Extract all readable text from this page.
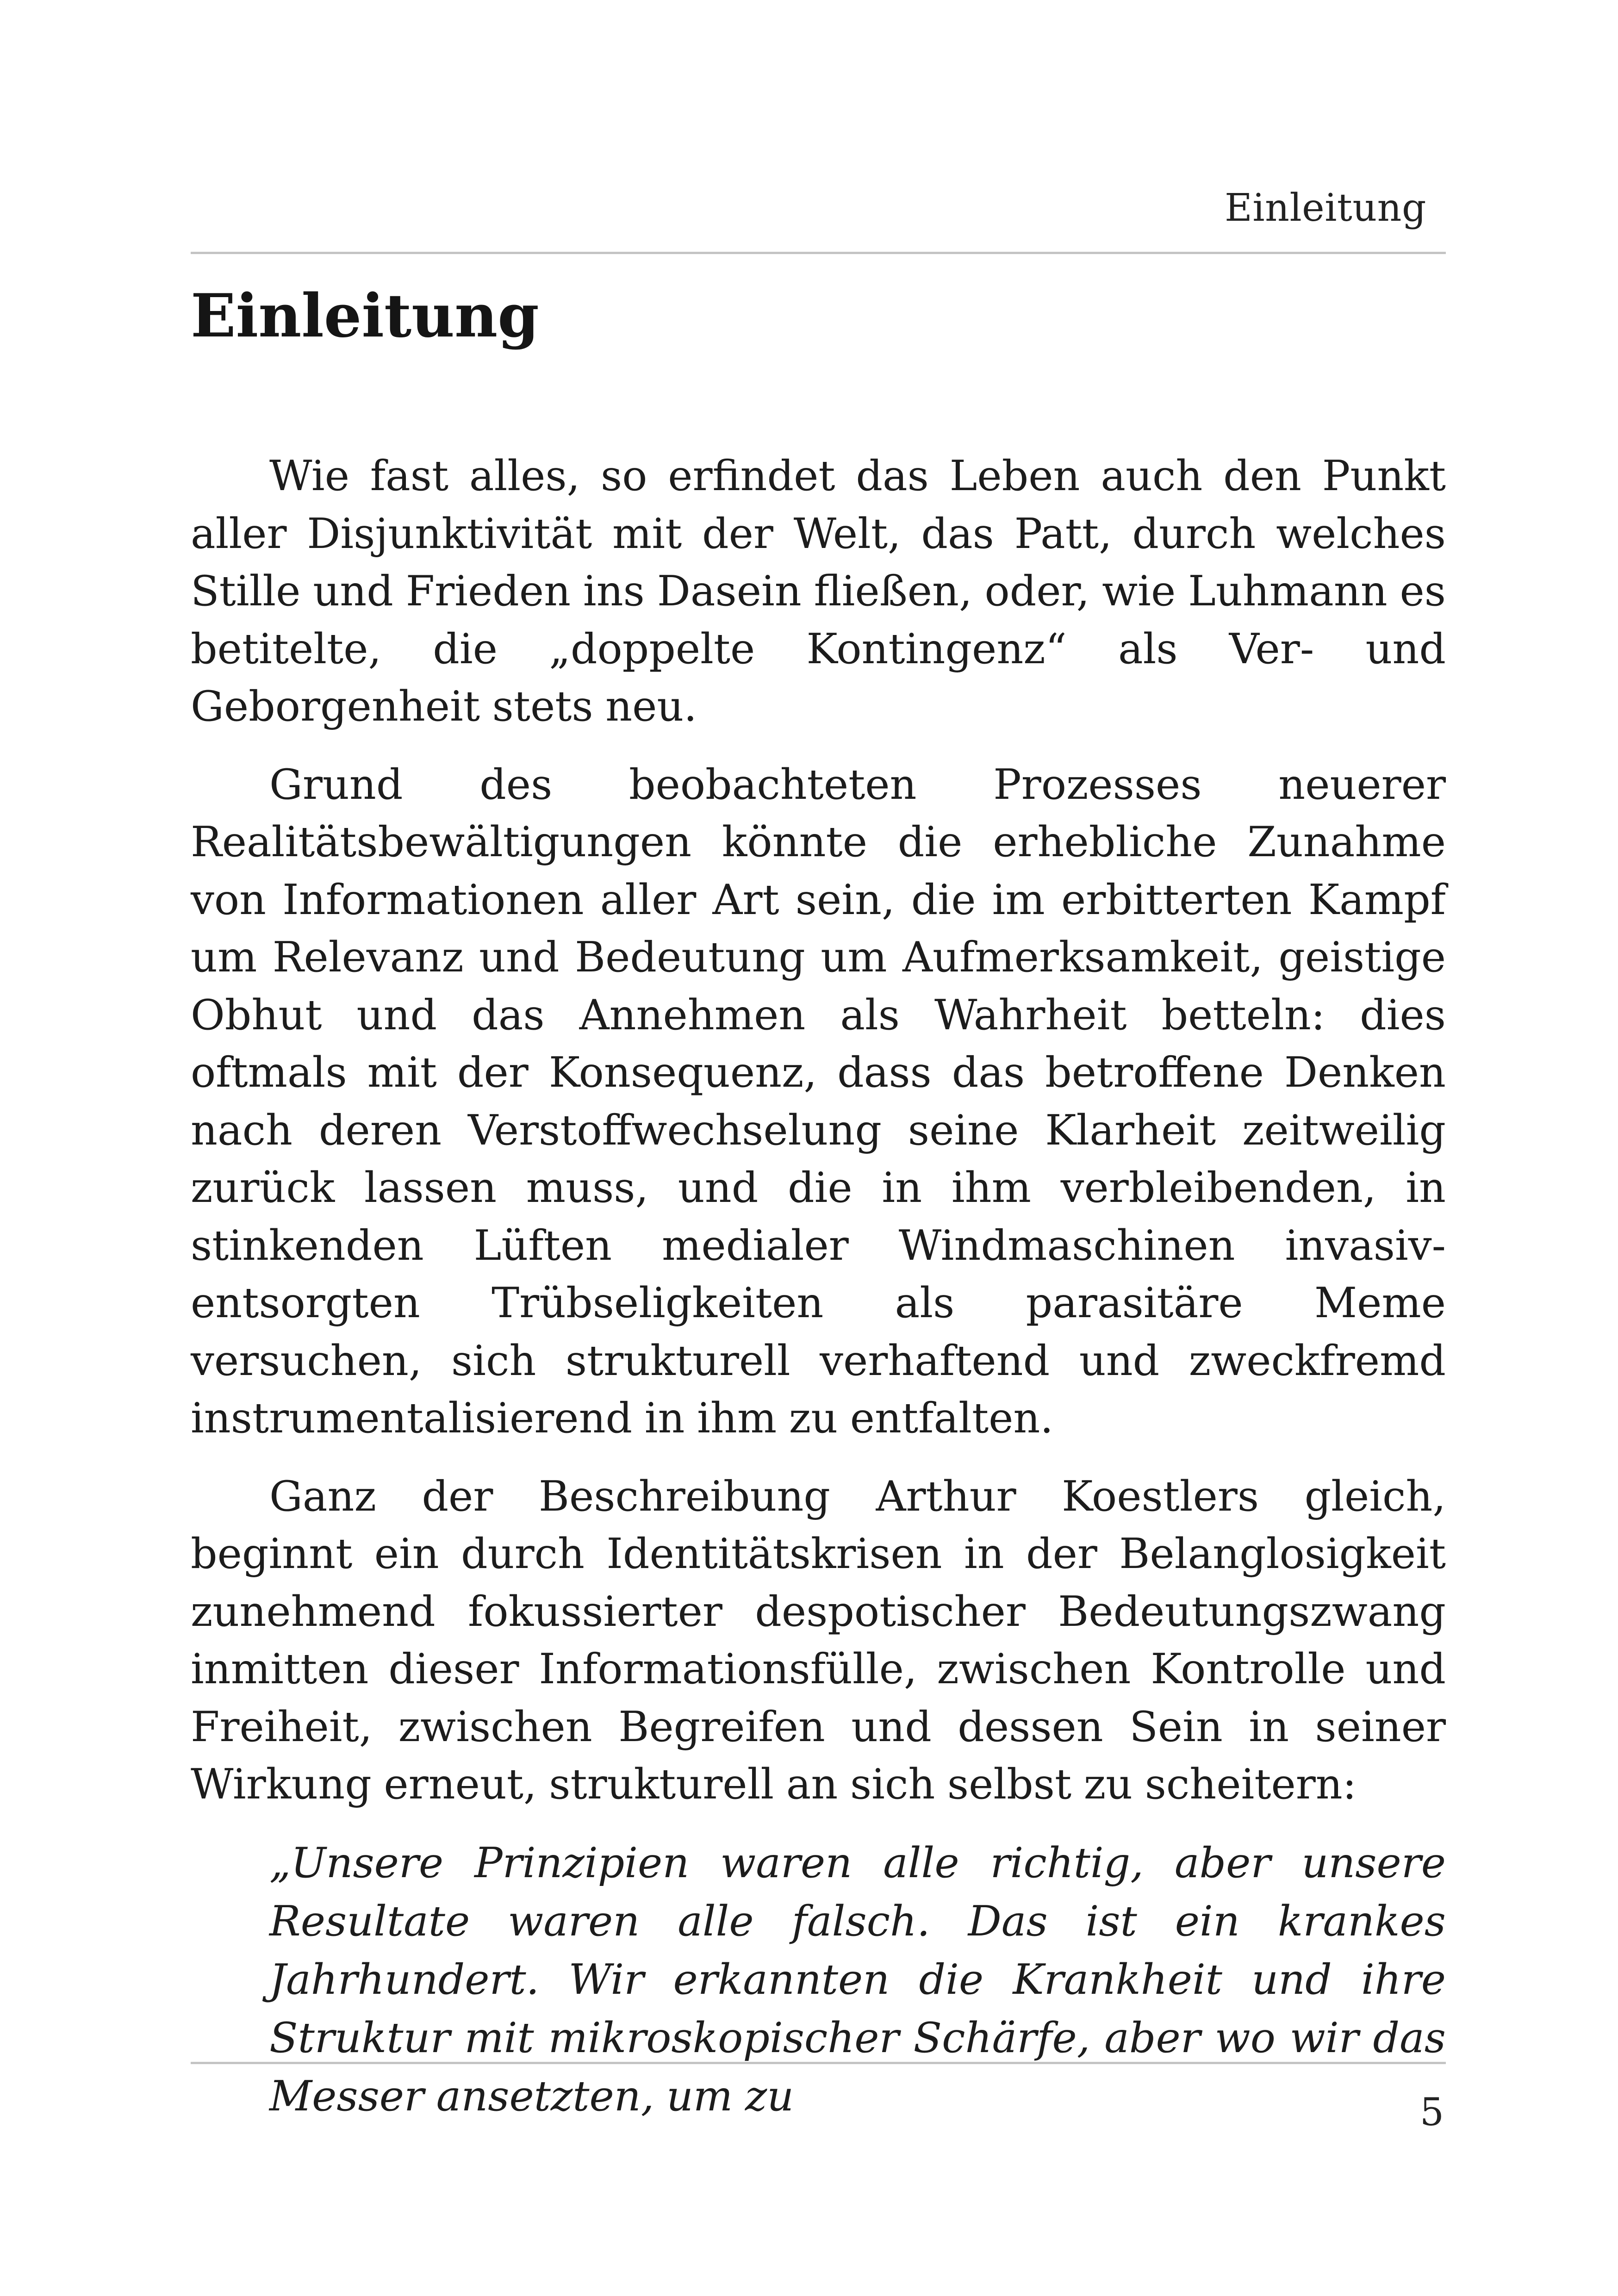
Einleitung
Einleitung

Wie fast alles, so erfindet das Leben auch den Punkt aller Disjunktivität mit der Welt, das Patt, durch welches Stille und Frieden ins Dasein fließen, oder, wie Luhmann es betitelte, die „doppelte Kontingenz“ als Ver- und Geborgenheit stets neu.

Grund des beobachteten Prozesses neuerer Realitätsbewältigungen könnte die erhebliche Zunahme von Informationen aller Art sein, die im erbitterten Kampf um Relevanz und Bedeutung um Aufmerksamkeit, geistige Obhut und das Annehmen als Wahrheit betteln: dies oftmals mit der Konsequenz, dass das betroffene Denken nach deren Verstoffwechselung seine Klarheit zeitweilig zurück lassen muss, und die in ihm verbleibenden, in stinkenden Lüften medialer Windmaschinen invasiv-entsorgten Trübseligkeiten als parasitäre Meme versuchen, sich strukturell verhaftend und zweckfremd instrumentalisierend in ihm zu entfalten.

Ganz der Beschreibung Arthur Koestlers gleich, beginnt ein durch Identitätskrisen in der Belanglosigkeit zunehmend fokussierter despotischer Bedeutungszwang inmitten dieser Informationsfülle, zwischen Kontrolle und Freiheit, zwischen Begreifen und dessen Sein in seiner Wirkung erneut, strukturell an sich selbst zu scheitern:

„Unsere Prinzipien waren alle richtig, aber unsere Resultate waren alle falsch. Das ist ein krankes Jahrhundert. Wir erkannten die Krankheit und ihre Struktur mit mikroskopischer Schärfe, aber wo wir das Messer ansetzten, um zu	5
